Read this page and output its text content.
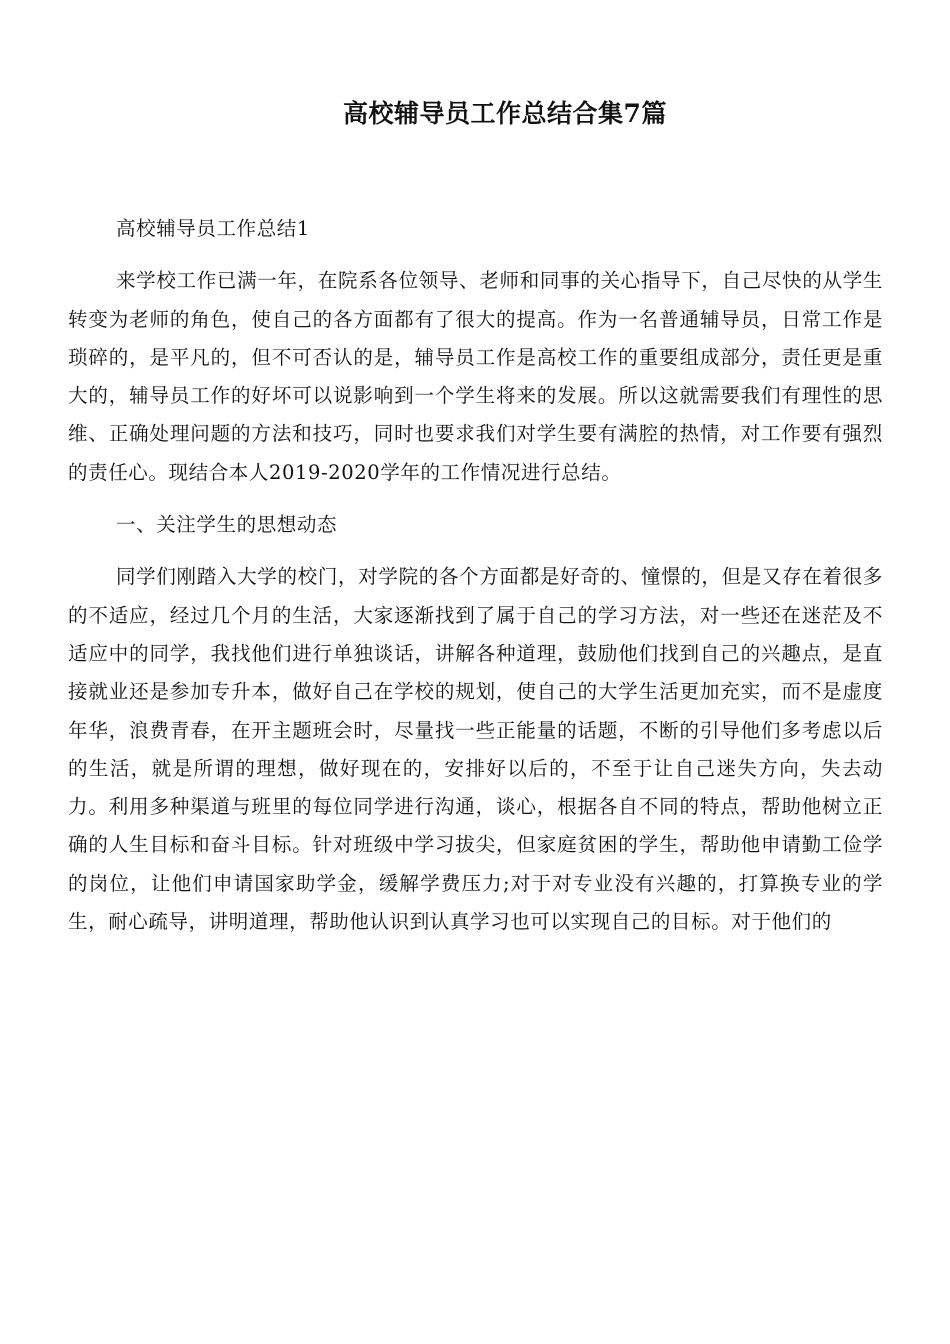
高校辅导员工作总结合集7篇

高校辅导员工作总结1

来学校工作已满一年，在院系各位领导、老师和同事的关心指导下，自己尽快的从学生转变为老师的角色，使自己的各方面都有了很大的提高。作为一名普通辅导员，日常工作是琐碎的，是平凡的，但不可否认的是，辅导员工作是高校工作的重要组成部分，责任更是重大的，辅导员工作的好坏可以说影响到一个学生将来的发展。所以这就需要我们有理性的思维、正确处理问题的方法和技巧，同时也要求我们对学生要有满腔的热情，对工作要有强烈的责任心。现结合本人2019-2020学年的工作情况进行总结。

一、关注学生的思想动态

同学们刚踏入大学的校门，对学院的各个方面都是好奇的、憧憬的，但是又存在着很多的不适应，经过几个月的生活，大家逐渐找到了属于自己的学习方法，对一些还在迷茫及不适应中的同学，我找他们进行单独谈话，讲解各种道理，鼓励他们找到自己的兴趣点，是直接就业还是参加专升本，做好自己在学校的规划，使自己的大学生活更加充实，而不是虚度年华，浪费青春，在开主题班会时，尽量找一些正能量的话题，不断的引导他们多考虑以后的生活，就是所谓的理想，做好现在的，安排好以后的，不至于让自己迷失方向，失去动力。利用多种渠道与班里的每位同学进行沟通，谈心，根据各自不同的特点，帮助他树立正确的人生目标和奋斗目标。针对班级中学习拔尖，但家庭贫困的学生，帮助他申请勤工俭学的岗位，让他们申请国家助学金，缓解学费压力;对于对专业没有兴趣的，打算换专业的学生，耐心疏导，讲明道理，帮助他认识到认真学习也可以实现自己的目标。对于他们的
